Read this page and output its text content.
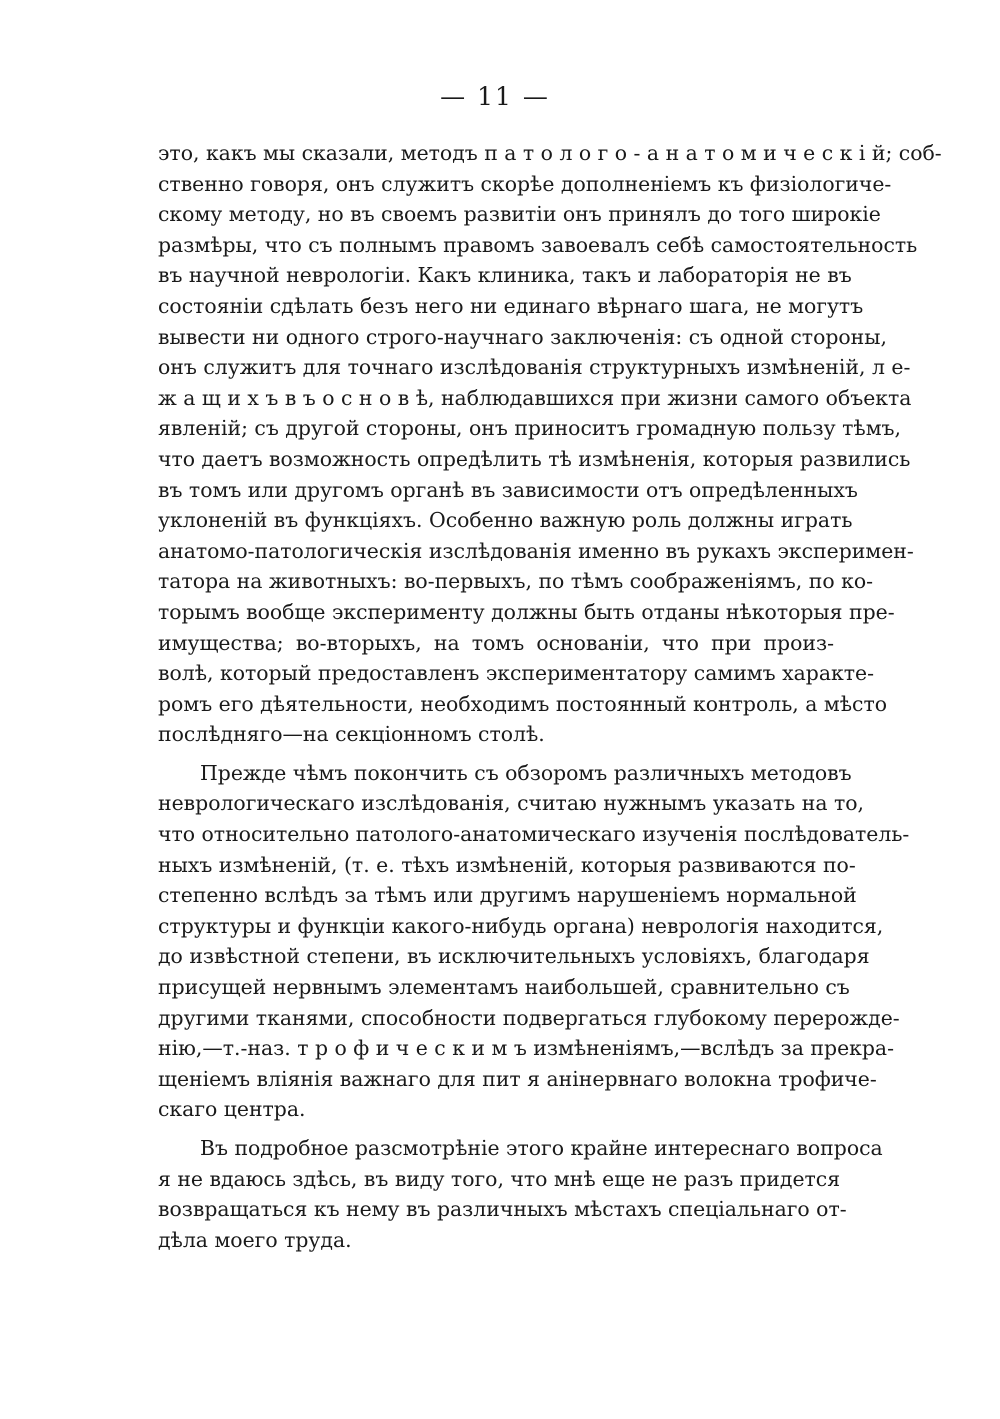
— 11 —
это, какъ мы сказали, методъ п а т о л о г о - а н а т о м и ч е с к і й; соб-
ственно говоря, онъ служитъ скорѣе дополненіемъ къ физіологиче-
скому методу, но въ своемъ развитіи онъ принялъ до того широкіе
размѣры, что съ полнымъ правомъ завоевалъ себѣ самостоятельность
въ научной неврологіи. Какъ клиника, такъ и лабораторія не въ
состояніи сдѣлать безъ него ни единаго вѣрнаго шага, не могутъ
вывести ни одного строго-научнаго заключенія: съ одной стороны,
онъ служитъ для точнаго изслѣдованія структурныхъ измѣненій, л е-
ж а щ и х ъ в ъ о с н о в ѣ, наблюдавшихся при жизни самого объекта
явленій; съ другой стороны, онъ приноситъ громадную пользу тѣмъ,
что даетъ возможность опредѣлить тѣ измѣненія, которыя развились
въ томъ или другомъ органѣ въ зависимости отъ опредѣленныхъ
уклоненій въ функціяхъ. Особенно важную роль должны играть
анатомо-патологическія изслѣдованія именно въ рукахъ эксперимен-
татора на животныхъ: во-первыхъ, по тѣмъ соображеніямъ, по ко-
торымъ вообще эксперименту должны быть отданы нѣкоторыя пре-
имущества; во-вторыхъ, на томъ основаніи, что при произ-
волѣ, который предоставленъ экспериментатору самимъ характе-
ромъ его дѣятельности, необходимъ постоянный контроль, а мѣсто
послѣдняго—на секціонномъ столѣ.
Прежде чѣмъ покончить съ обзоромъ различныхъ методовъ
неврологическаго изслѣдованія, считаю нужнымъ указать на то,
что относительно патолого-анатомическаго изученія послѣдователь-
ныхъ измѣненій, (т. е. тѣхъ измѣненій, которыя развиваются по-
степенно вслѣдъ за тѣмъ или другимъ нарушеніемъ нормальной
структуры и функціи какого-нибудь органа) неврологія находится,
до извѣстной степени, въ исключительныхъ условіяхъ, благодаря
присущей нервнымъ элементамъ наибольшей, сравнительно съ
другими тканями, способности подвергаться глубокому перерожде-
нію,—т.-наз. т р о ф и ч е с к и м ъ измѣненіямъ,—вслѣдъ за прекра-
щеніемъ вліянія важнаго для пит я анінервнаго волокна трофиче-
скаго центра.
Въ подробное разсмотрѣніе этого крайне интереснаго вопроса
я не вдаюсь здѣсь, въ виду того, что мнѣ еще не разъ придется
возвращаться къ нему въ различныхъ мѣстахъ спеціальнаго от-
дѣла моего труда.
